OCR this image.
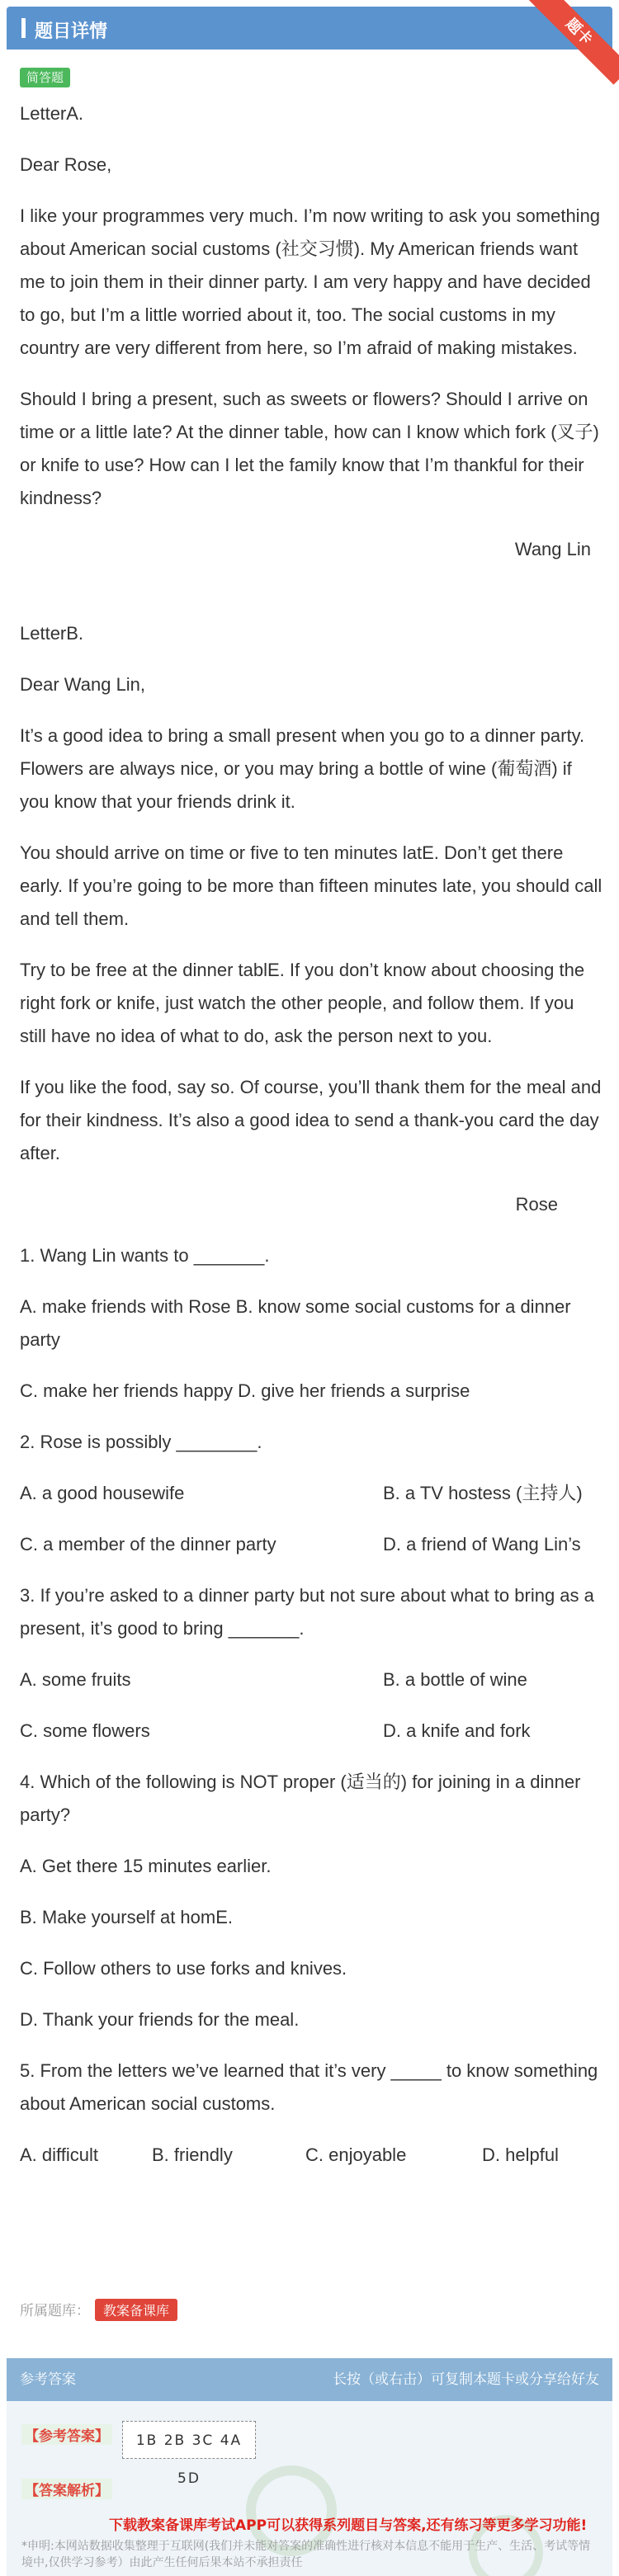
题目详情	题卡
简答题

LetterA.

Dear Rose,

I like your programmes very much. I’m now writing to ask you something about American social customs (社交习惯). My American friends want me to join them in their dinner party. I am very happy and have decided to go, but I’m a little worried about it, too. The social customs in my country are very different from here, so I’m afraid of making mistakes.

Should I bring a present, such as sweets or flowers? Should I arrive on time or a little late? At the dinner table, how can I know which fork (叉子) or knife to use? How can I let the family know that I’m thankful for their kindness?

Wang Lin

LetterB.

Dear Wang Lin,

It’s a good idea to bring a small present when you go to a dinner party. Flowers are always nice, or you may bring a bottle of wine (葡萄酒) if you know that your friends drink it.

You should arrive on time or five to ten minutes latE. Don’t get there early. If you’re going to be more than fifteen minutes late, you should call and tell them.

Try to be free at the dinner tablE. If you don’t know about choosing the right fork or knife, just watch the other people, and follow them. If you still have no idea of what to do, ask the person next to you.

If you like the food, say so. Of course, you’ll thank them for the meal and for their kindness. It’s also a good idea to send a thank-you card the day after.

Rose

1. Wang Lin wants to _______.

A. make friends with Rose B. know some social customs for a dinner party

C. make her friends happy D. give her friends a surprise

2. Rose is possibly ________.

A. a good housewife	B. a TV hostess (主持人)
C. a member of the dinner party	D. a friend of Wang Lin’s

3. If you’re asked to a dinner party but not sure about what to bring as a present, it’s good to bring _______.

A. some fruits	B. a bottle of wine
C. some flowers	D. a knife and fork

4. Which of the following is NOT proper (适当的) for joining in a dinner party?

A. Get there 15 minutes earlier.

B. Make yourself at homE.

C. Follow others to use forks and knives.

D. Thank your friends for the meal.

5. From the letters we’ve learned that it’s very _____ to know something about American social customs.

A. difficult	B. friendly	C. enjoyable	D. helpful
所属题库： 教案备课库
参考答案	长按（或右击）可复制本题卡或分享给好友
【参考答案】	1B 2B 3C 4A 5D
【答案解析】
下载教案备课库考试APP可以获得系列题目与答案,还有练习等更多学习功能!
*申明:本网站数据收集整理于互联网(我们并未能对答案的准确性进行核对本信息不能用于生产、生活、考试等情境中,仅供学习参考）由此产生任何后果本站不承担责任
